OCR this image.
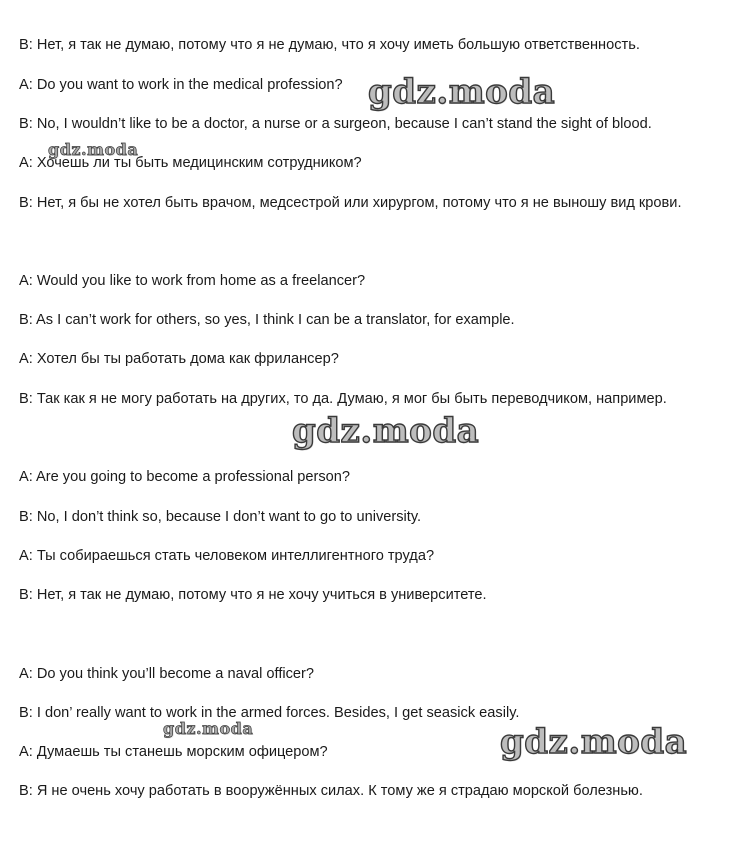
B: Нет, я так не думаю, потому что я не думаю, что я хочу иметь большую ответственность.
A: Do you want to work in the medical profession?
B: No, I wouldn’t like to be a doctor, a nurse or a surgeon, because I can’t stand the sight of blood.
A: Хочешь ли ты быть медицинским сотрудником?
B: Нет, я бы не хотел быть врачом, медсестрой или хирургом, потому что я не выношу вид крови.
A: Would you like to work from home as a freelancer?
B: As I can’t work for others, so yes, I think I can be a translator, for example.
A: Хотел бы ты работать дома как фрилансер?
B: Так как я не могу работать на других, то да. Думаю, я мог бы быть переводчиком, например.
A: Are you going to become a professional person?
B: No, I don’t think so, because I don’t want to go to university.
A: Ты собираешься стать человеком интеллигентного труда?
B: Нет, я так не думаю, потому что я не хочу учиться в университете.
A: Do you think you’ll become a naval officer?
B: I don’ really want to work in the armed forces. Besides, I get seasick easily.
A: Думаешь ты станешь морским офицером?
B: Я не очень хочу работать в вооружённых силах. К тому же я страдаю морской болезнью.
gdz.moda
gdz.moda
gdz.moda
gdz.moda	gdz.moda
